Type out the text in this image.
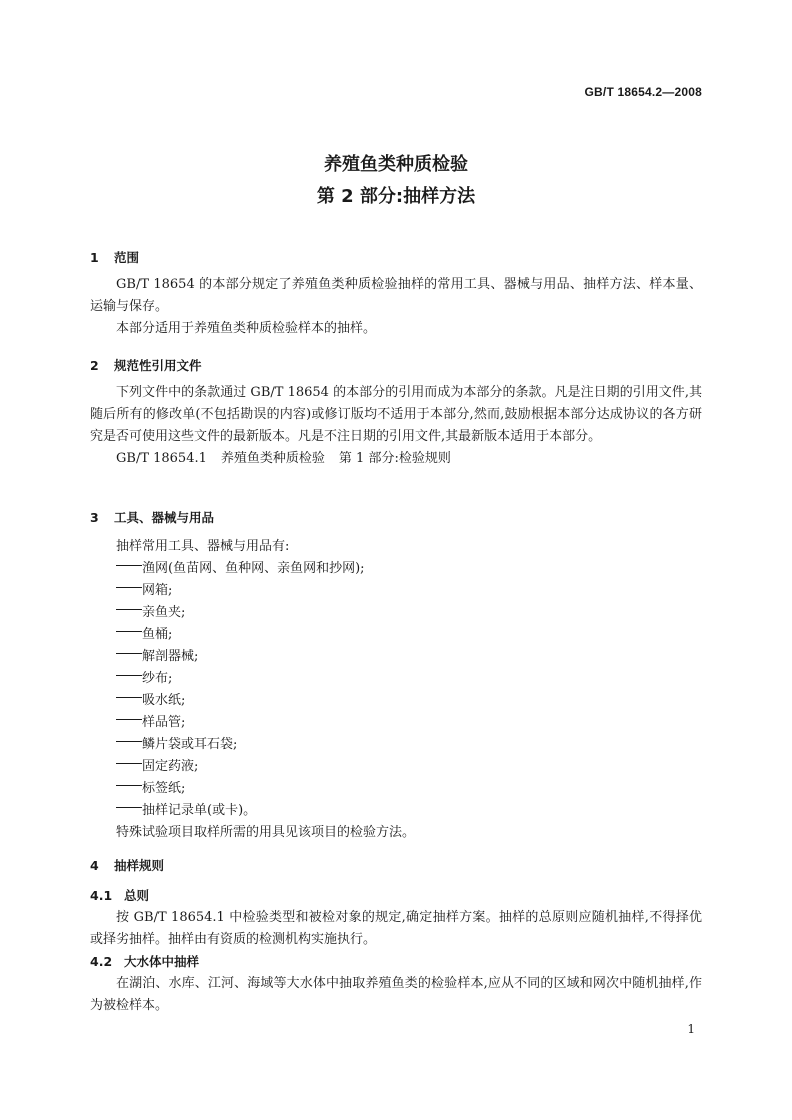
GB/T 18654.2—2008
养殖鱼类种质检验
第 2 部分:抽样方法
1 范围

GB/T 18654 的本部分规定了养殖鱼类种质检验抽样的常用工具、器械与用品、抽样方法、样本量、运输与保存。

本部分适用于养殖鱼类种质检验样本的抽样。

2 规范性引用文件

下列文件中的条款通过 GB/T 18654 的本部分的引用而成为本部分的条款。凡是注日期的引用文件,其随后所有的修改单(不包括勘误的内容)或修订版均不适用于本部分,然而,鼓励根据本部分达成协议的各方研究是否可使用这些文件的最新版本。凡是不注日期的引用文件,其最新版本适用于本部分。

GB/T 18654.1 养殖鱼类种质检验 第 1 部分:检验规则
3 工具、器械与用品

抽样常用工具、器械与用品有:

渔网(鱼苗网、鱼种网、亲鱼网和抄网);
网箱;
亲鱼夹;
鱼桶;
解剖器械;
纱布;
吸水纸;
样品管;
鳞片袋或耳石袋;
固定药液;
标签纸;
抽样记录单(或卡)。

特殊试验项目取样所需的用具见该项目的检验方法。

4 抽样规则
4.1 总则

按 GB/T 18654.1 中检验类型和被检对象的规定,确定抽样方案。抽样的总原则应随机抽样,不得择优或择劣抽样。抽样由有资质的检测机构实施执行。

4.2 大水体中抽样

在湖泊、水库、江河、海域等大水体中抽取养殖鱼类的检验样本,应从不同的区域和网次中随机抽样,作为被检样本。

1
